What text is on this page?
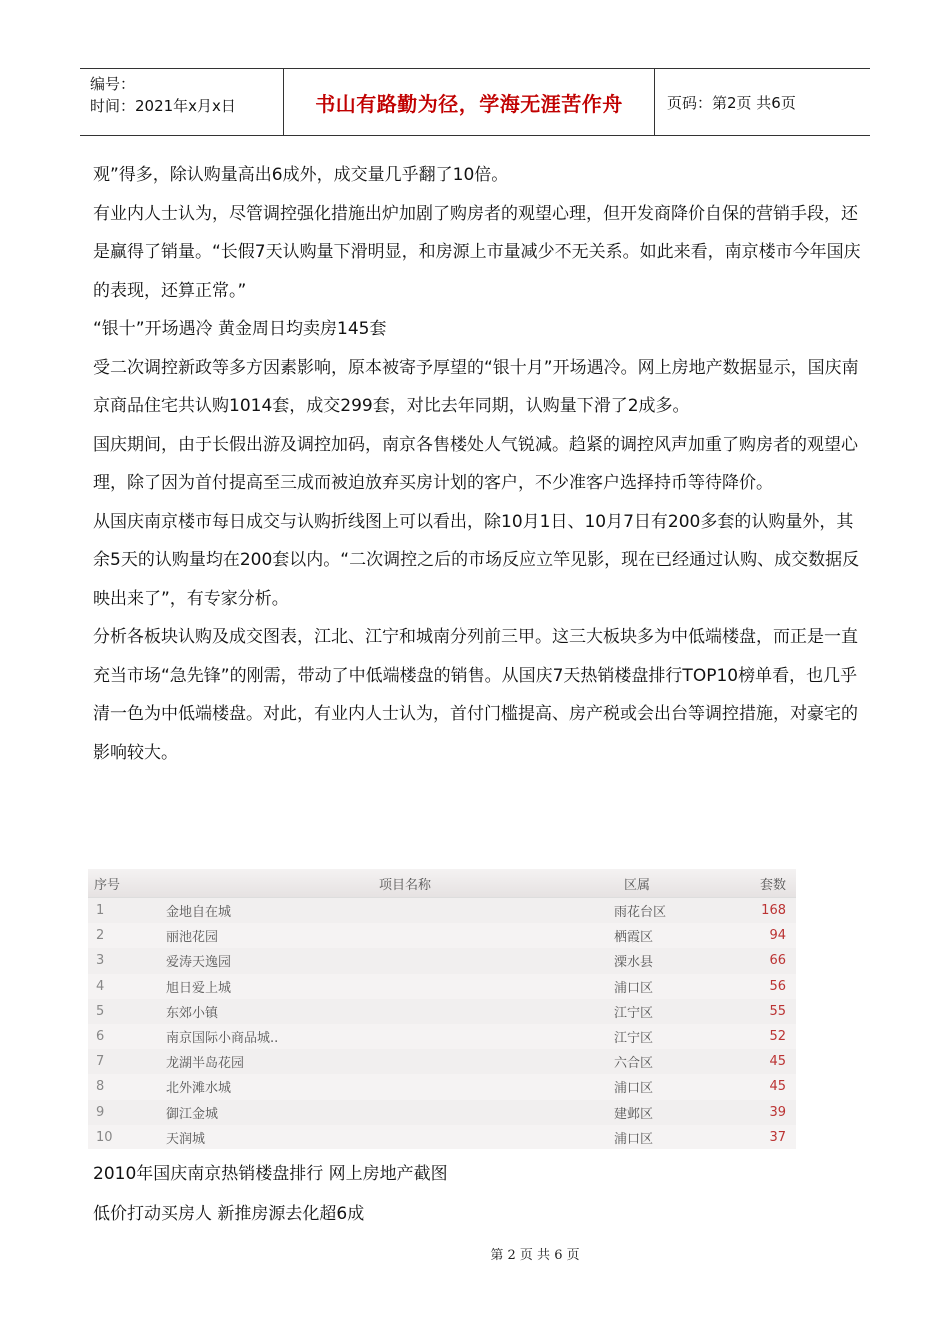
编号：
时间：2021年x月x日	书山有路勤为径，学海无涯苦作舟	页码：第2页 共6页

观”得多，除认购量高出6成外，成交量几乎翻了10倍。

有业内人士认为，尽管调控强化措施出炉加剧了购房者的观望心理，但开发商降价自保的营销手段，还是赢得了销量。“长假7天认购量下滑明显，和房源上市量减少不无关系。如此来看，南京楼市今年国庆的表现，还算正常。”

“银十”开场遇冷 黄金周日均卖房145套

受二次调控新政等多方因素影响，原本被寄予厚望的“银十月”开场遇冷。网上房地产数据显示，国庆南京商品住宅共认购1014套，成交299套，对比去年同期，认购量下滑了2成多。

国庆期间，由于长假出游及调控加码，南京各售楼处人气锐减。趋紧的调控风声加重了购房者的观望心理，除了因为首付提高至三成而被迫放弃买房计划的客户，不少准客户选择持币等待降价。

从国庆南京楼市每日成交与认购折线图上可以看出，除10月1日、10月7日有200多套的认购量外，其余5天的认购量均在200套以内。“二次调控之后的市场反应立竿见影，现在已经通过认购、成交数据反映出来了”，有专家分析。

分析各板块认购及成交图表，江北、江宁和城南分列前三甲。这三大板块多为中低端楼盘，而正是一直充当市场“急先锋”的刚需，带动了中低端楼盘的销售。从国庆7天热销楼盘排行TOP10榜单看，也几乎清一色为中低端楼盘。对此，有业内人士认为，首付门槛提高、房产税或会出台等调控措施，对豪宅的影响较大。

序号	项目名称	区属	套数
1	金地自在城	雨花台区	168
2	丽池花园	栖霞区	94
3	爱涛天逸园	溧水县	66
4	旭日爱上城	浦口区	56
5	东郊小镇	江宁区	55
6	南京国际小商品城..	江宁区	52
7	龙湖半岛花园	六合区	45
8	北外滩水城	浦口区	45
9	御江金城	建邺区	39
10	天润城	浦口区	37

2010年国庆南京热销楼盘排行 网上房地产截图

低价打动买房人 新推房源去化超6成

第 2 页 共 6 页
